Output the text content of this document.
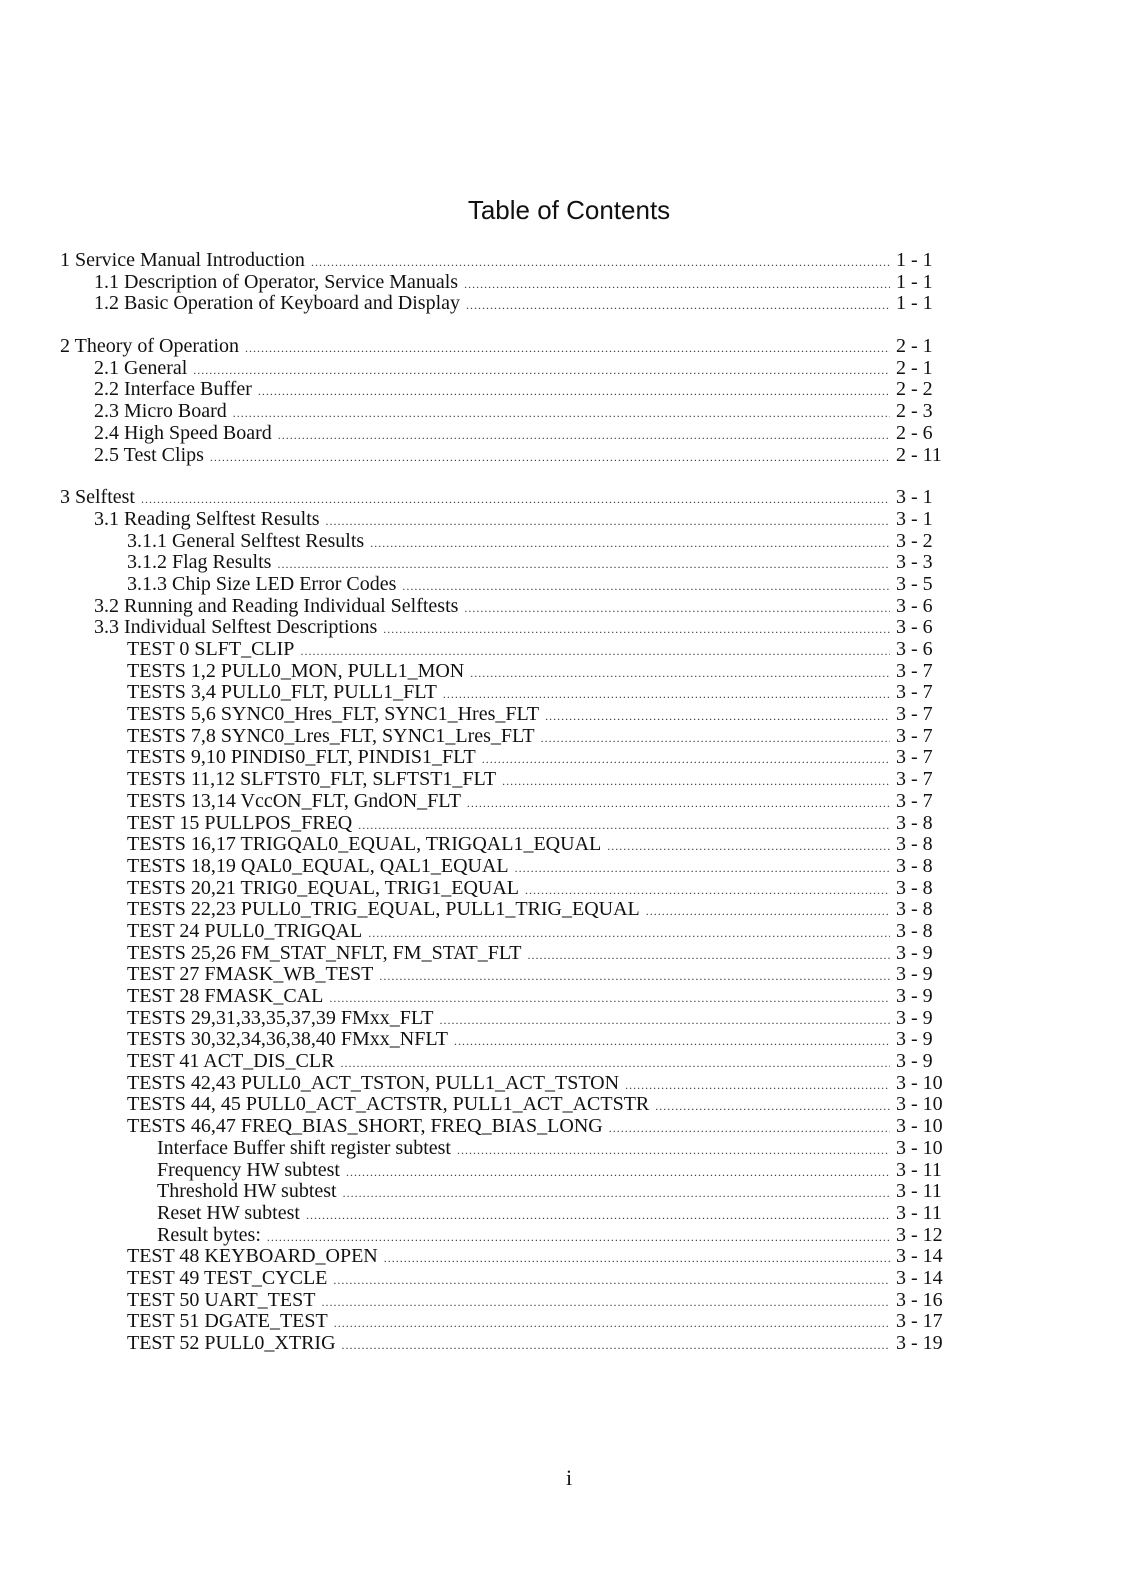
Table of Contents
1 Service Manual Introduction .....	1 - 1
1.1 Description of Operator, Service Manuals .....	1 - 1
1.2 Basic Operation of Keyboard and Display .....	1 - 1
2 Theory of Operation .....	2 - 1
2.1 General .....	2 - 1
2.2 Interface Buffer .....	2 - 2
2.3 Micro Board .....	2 - 3
2.4 High Speed Board .....	2 - 6
2.5 Test Clips .....	2 - 11
3 Selftest .....	3 - 1
3.1 Reading Selftest Results .....	3 - 1
3.1.1 General Selftest Results .....	3 - 2
3.1.2 Flag Results .....	3 - 3
3.1.3 Chip Size LED Error Codes .....	3 - 5
3.2 Running and Reading Individual Selftests .....	3 - 6
3.3 Individual Selftest Descriptions .....	3 - 6
TEST 0 SLFT_CLIP .....	3 - 6
TESTS 1,2 PULL0_MON, PULL1_MON .....	3 - 7
TESTS 3,4 PULL0_FLT, PULL1_FLT .....	3 - 7
TESTS 5,6 SYNC0_Hres_FLT, SYNC1_Hres_FLT .....	3 - 7
TESTS 7,8 SYNC0_Lres_FLT, SYNC1_Lres_FLT .....	3 - 7
TESTS 9,10 PINDIS0_FLT, PINDIS1_FLT .....	3 - 7
TESTS 11,12 SLFTST0_FLT, SLFTST1_FLT .....	3 - 7
TESTS 13,14 VccON_FLT, GndON_FLT .....	3 - 7
TEST 15 PULLPOS_FREQ .....	3 - 8
TESTS 16,17 TRIGQAL0_EQUAL, TRIGQAL1_EQUAL .....	3 - 8
TESTS 18,19 QAL0_EQUAL, QAL1_EQUAL .....	3 - 8
TESTS 20,21 TRIG0_EQUAL, TRIG1_EQUAL .....	3 - 8
TESTS 22,23 PULL0_TRIG_EQUAL, PULL1_TRIG_EQUAL .....	3 - 8
TEST 24 PULL0_TRIGQAL .....	3 - 8
TESTS 25,26 FM_STAT_NFLT, FM_STAT_FLT .....	3 - 9
TEST 27 FMASK_WB_TEST .....	3 - 9
TEST 28 FMASK_CAL .....	3 - 9
TESTS 29,31,33,35,37,39 FMxx_FLT .....	3 - 9
TESTS 30,32,34,36,38,40 FMxx_NFLT .....	3 - 9
TEST 41 ACT_DIS_CLR .....	3 - 9
TESTS 42,43 PULL0_ACT_TSTON, PULL1_ACT_TSTON .....	3 - 10
TESTS 44, 45 PULL0_ACT_ACTSTR, PULL1_ACT_ACTSTR .....	3 - 10
TESTS 46,47 FREQ_BIAS_SHORT, FREQ_BIAS_LONG .....	3 - 10
Interface Buffer shift register subtest .....	3 - 10
Frequency HW subtest .....	3 - 11
Threshold HW subtest .....	3 - 11
Reset HW subtest .....	3 - 11
Result bytes: .....	3 - 12
TEST 48 KEYBOARD_OPEN .....	3 - 14
TEST 49 TEST_CYCLE .....	3 - 14
TEST 50 UART_TEST .....	3 - 16
TEST 51 DGATE_TEST .....	3 - 17
TEST 52 PULL0_XTRIG .....	3 - 19
i
